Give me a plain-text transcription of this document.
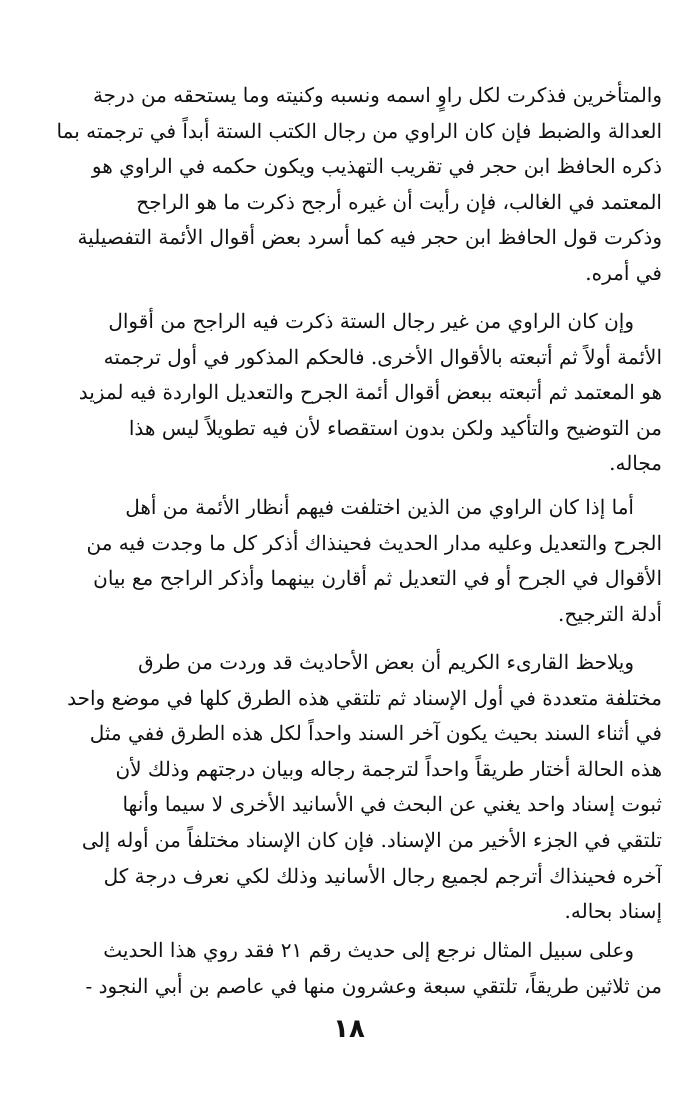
والمتأخرين فذكرت لكل راوٍ اسمه ونسبه وكنيته وما يستحقه من درجة
العدالة والضبط فإن كان الراوي من رجال الكتب الستة أبداً في ترجمته بما
ذكره الحافظ ابن حجر في تقريب التهذيب ويكون حكمه في الراوي هو
المعتمد في الغالب، فإن رأيت أن غيره أرجح ذكرت ما هو الراجح
وذكرت قول الحافظ ابن حجر فيه كما أسرد بعض أقوال الأئمة التفصيلية
في أمره.
وإن كان الراوي من غير رجال الستة ذكرت فيه الراجح من أقوال
الأئمة أولاً ثم أتبعته بالأقوال الأخرى. فالحكم المذكور في أول ترجمته
هو المعتمد ثم أتبعته ببعض أقوال أئمة الجرح والتعديل الواردة فيه لمزيد
من التوضيح والتأكيد ولكن بدون استقصاء لأن فيه تطويلاً ليس هذا
مجاله.
أما إذا كان الراوي من الذين اختلفت فيهم أنظار الأئمة من أهل
الجرح والتعديل وعليه مدار الحديث فحينذاك أذكر كل ما وجدت فيه من
الأقوال في الجرح أو في التعديل ثم أقارن بينهما وأذكر الراجح مع بيان
أدلة الترجيح.
ويلاحظ القارىء الكريم أن بعض الأحاديث قد وردت من طرق
مختلفة متعددة في أول الإسناد ثم تلتقي هذه الطرق كلها في موضع واحد
في أثناء السند بحيث يكون آخر السند واحداً لكل هذه الطرق ففي مثل
هذه الحالة أختار طريقاً واحداً لترجمة رجاله وبيان درجتهم وذلك لأن
ثبوت إسناد واحد يغني عن البحث في الأسانيد الأخرى لا سيما وأنها
تلتقي في الجزء الأخير من الإسناد. فإن كان الإسناد مختلفاً من أوله إلى
آخره فحينذاك أترجم لجميع رجال الأسانيد وذلك لكي نعرف درجة كل
إسناد بحاله.
وعلى سبيل المثال نرجع إلى حديث رقم ٢١ فقد روي هذا الحديث
من ثلاثين طريقاً، تلتقي سبعة وعشرون منها في عاصم بن أبي النجود -
١٨
